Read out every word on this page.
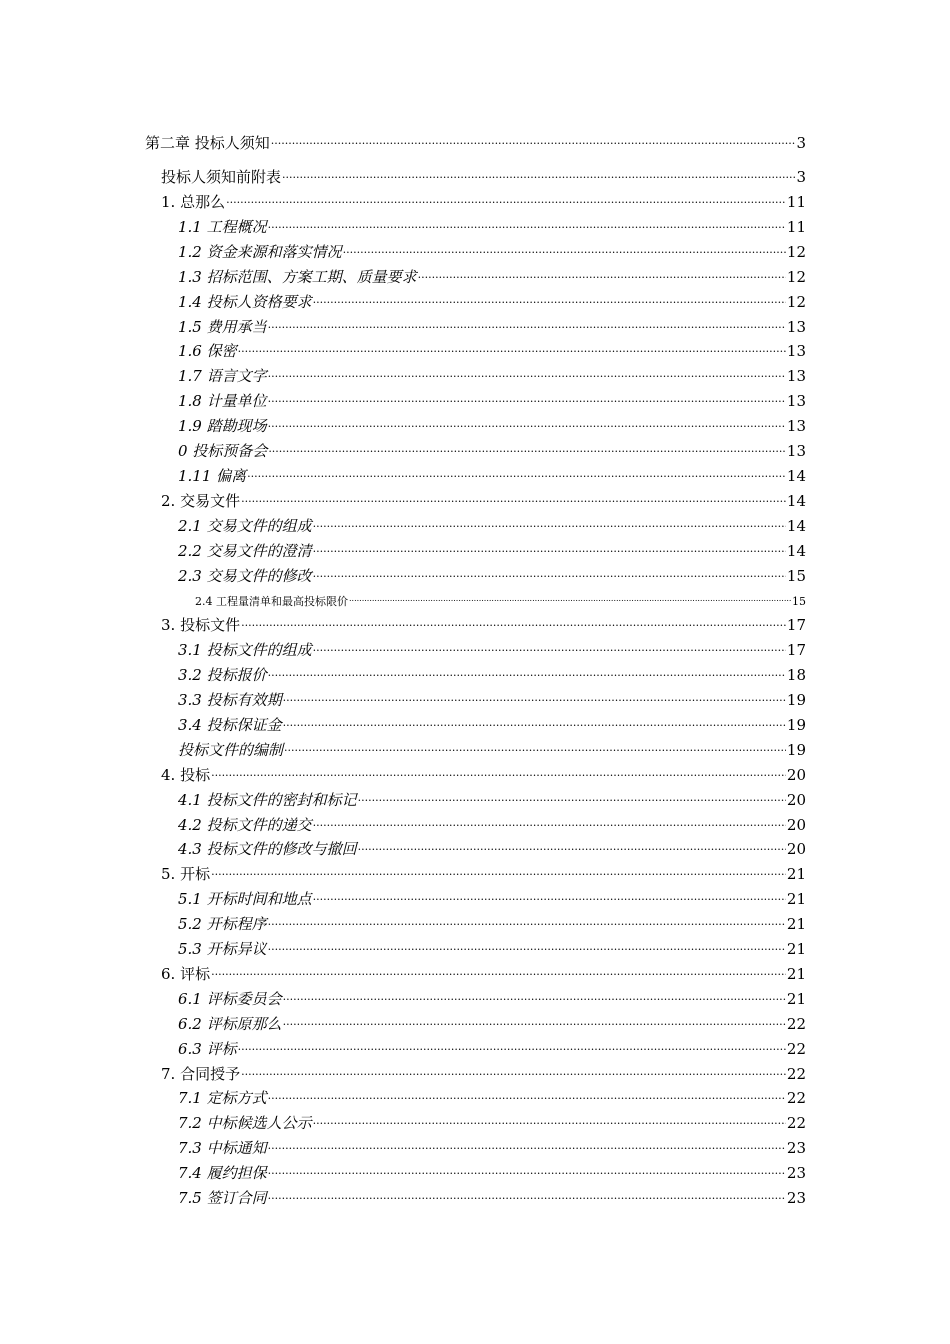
第二章 投标人须知 .....	3
投标人须知前附表 .....	3
1. 总那么 .....	11
1.1 工程概况 .....	11
1.2 资金来源和落实情况 .....	12
1.3 招标范围、方案工期、质量要求 .....	12
1.4 投标人资格要求 .....	12
1.5 费用承当 .....	13
1.6 保密 .....	13
1.7 语言文字 .....	13
1.8 计量单位 .....	13
1.9 踏勘现场 .....	13
0 投标预备会 .....	13
1.11 偏离 .....	14
2. 交易文件 .....	14
2.1 交易文件的组成 .....	14
2.2 交易文件的澄清 .....	14
2.3 交易文件的修改 .....	15
2.4 工程量清单和最高投标限价 .....	15
3. 投标文件 .....	17
3.1 投标文件的组成 .....	17
3.2 投标报价 .....	18
3.3 投标有效期 .....	19
3.4 投标保证金 .....	19
投标文件的编制 .....	19
4. 投标 .....	20
4.1 投标文件的密封和标记 .....	20
4.2 投标文件的递交 .....	20
4.3 投标文件的修改与撤回 .....	20
5. 开标 .....	21
5.1 开标时间和地点 .....	21
5.2 开标程序 .....	21
5.3 开标异议 .....	21
6. 评标 .....	21
6.1 评标委员会 .....	21
6.2 评标原那么 .....	22
6.3 评标 .....	22
7. 合同授予 .....	22
7.1 定标方式 .....	22
7.2 中标候选人公示 .....	22
7.3 中标通知 .....	23
7.4 履约担保 .....	23
7.5 签订合同 .....	23
